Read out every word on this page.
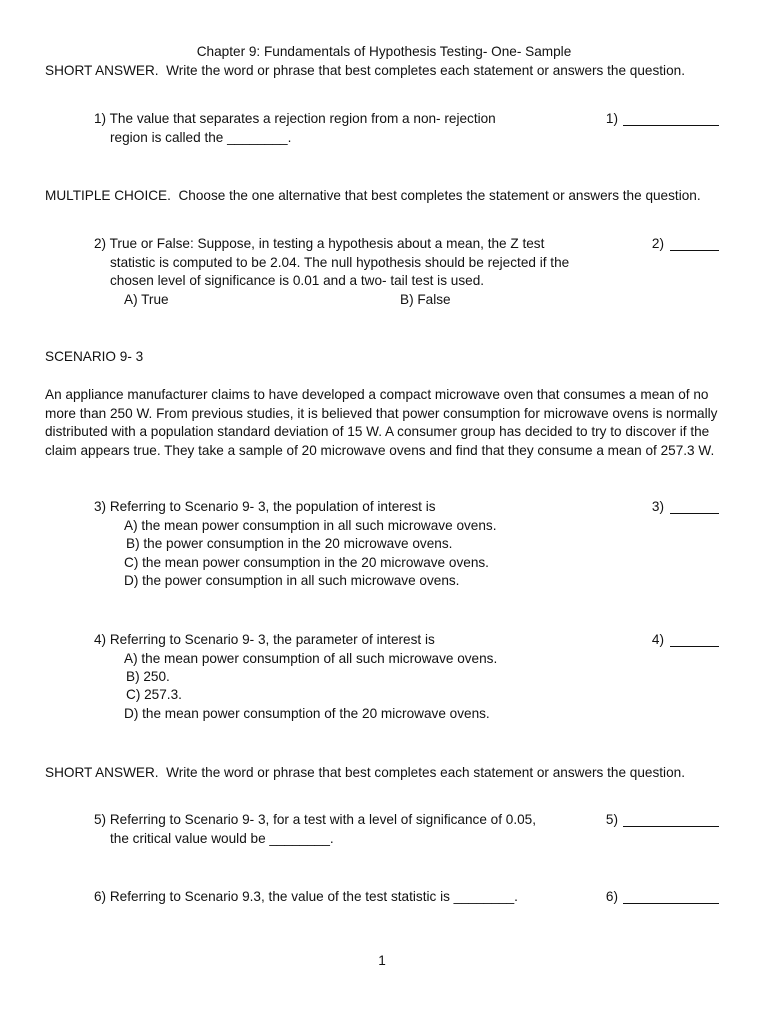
Chapter 9: Fundamentals of Hypothesis Testing- One- Sample
SHORT ANSWER. Write the word or phrase that best completes each statement or answers the question.
1) The value that separates a rejection region from a non- rejection
region is called the ________.
1)
MULTIPLE CHOICE. Choose the one alternative that best completes the statement or answers the question.
2) True or False: Suppose, in testing a hypothesis about a mean, the Z test
statistic is computed to be 2.04. The null hypothesis should be rejected if the
chosen level of significance is 0.01 and a two- tail test is used.
A) True	B) False
2)
SCENARIO 9- 3
An appliance manufacturer claims to have developed a compact microwave oven that consumes a mean of no more than 250 W. From previous studies, it is believed that power consumption for microwave ovens is normally distributed with a population standard deviation of 15 W. A consumer group has decided to try to discover if the claim appears true. They take a sample of 20 microwave ovens and find that they consume a mean of 257.3 W.
3) Referring to Scenario 9- 3, the population of interest is
A) the mean power consumption in all such microwave ovens.
B) the power consumption in the 20 microwave ovens.
C) the mean power consumption in the 20 microwave ovens.
D) the power consumption in all such microwave ovens.
3)
4) Referring to Scenario 9- 3, the parameter of interest is
A) the mean power consumption of all such microwave ovens.
B) 250.
C) 257.3.
D) the mean power consumption of the 20 microwave ovens.
4)
SHORT ANSWER. Write the word or phrase that best completes each statement or answers the question.
5) Referring to Scenario 9- 3, for a test with a level of significance of 0.05,
the critical value would be ________.
5)
6) Referring to Scenario 9.3, the value of the test statistic is ________.	6)
1
